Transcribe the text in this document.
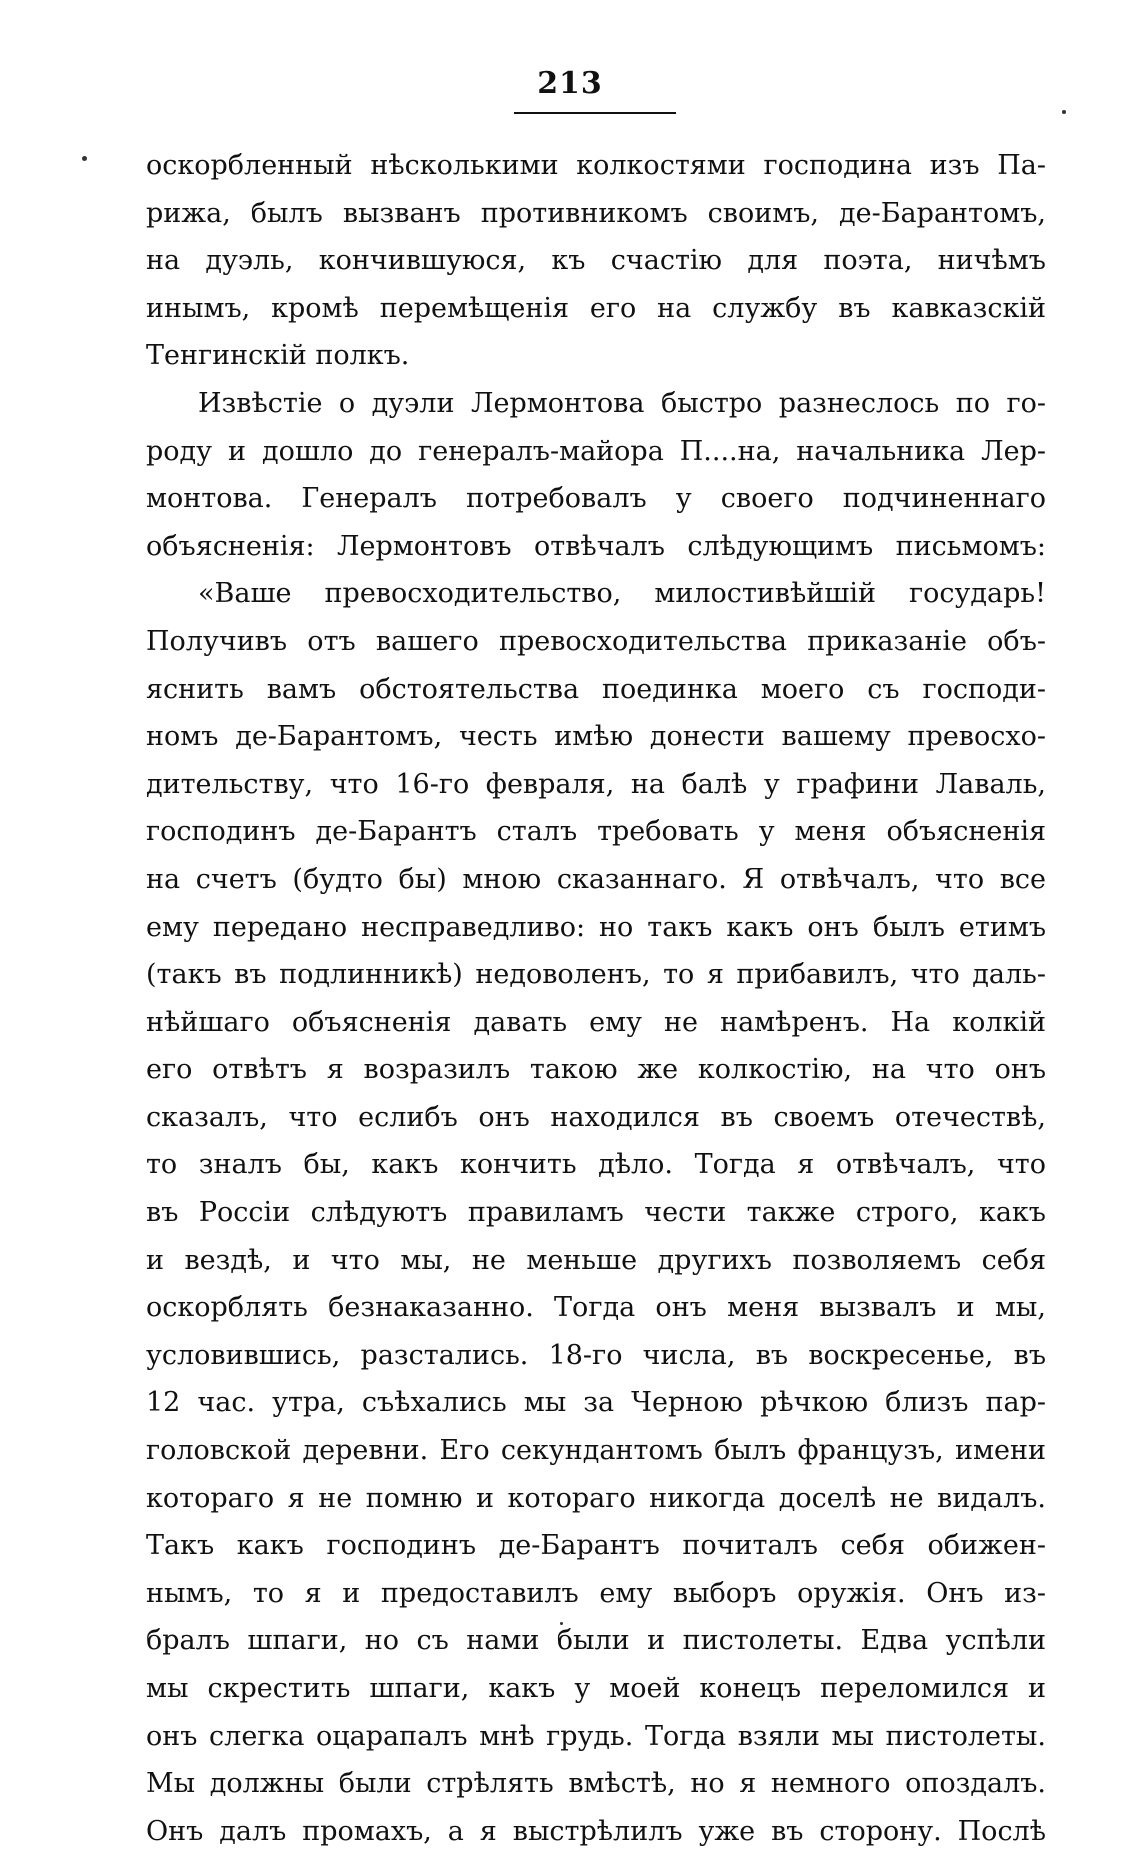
213
оскорбленный нѣсколькими колкостями господина изъ Па-
рижа, былъ вызванъ противникомъ своимъ, де-Барантомъ,
на дуэль, кончившуюся, къ счастію для поэта, ничѣмъ
инымъ, кромѣ перемѣщенія его на службу въ кавказскій
Тенгинскій полкъ.
Извѣстіе о дуэли Лермонтова быстро разнеслось по го-
роду и дошло до генералъ-майора П....на, начальника Лер-
монтова. Генералъ потребовалъ у своего подчиненнаго
объясненія: Лермонтовъ отвѣчалъ слѣдующимъ письмомъ:
«Ваше превосходительство, милостивѣйшій государь!
Получивъ отъ вашего превосходительства приказаніе объ-
яснить вамъ обстоятельства поединка моего съ господи-
номъ де-Барантомъ, честь имѣю донести вашему превосхо-
дительству, что 16-го февраля, на балѣ у графини Лаваль,
господинъ де-Барантъ сталъ требовать у меня объясненія
на счетъ (будто бы) мною сказаннаго. Я отвѣчалъ, что все
ему передано несправедливо: но такъ какъ онъ былъ етимъ
(такъ въ подлинникѣ) недоволенъ, то я прибавилъ, что даль-
нѣйшаго объясненія давать ему не намѣренъ. На колкій
его отвѣтъ я возразилъ такою же колкостію, на что онъ
сказалъ, что еслибъ онъ находился въ своемъ отечествѣ,
то зналъ бы, какъ кончить дѣло. Тогда я отвѣчалъ, что
въ Россіи слѣдуютъ правиламъ чести также строго, какъ
и вездѣ, и что мы, не меньше другихъ позволяемъ себя
оскорблять безнаказанно. Тогда онъ меня вызвалъ и мы,
условившись, разстались. 18-го числа, въ воскресенье, въ
12 час. утра, съѣхались мы за Черною рѣчкою близъ пар-
головской деревни. Его секундантомъ былъ французъ, имени
котораго я не помню и котораго никогда доселѣ не видалъ.
Такъ какъ господинъ де-Барантъ почиталъ себя обижен-
нымъ, то я и предоставилъ ему выборъ оружія. Онъ из-
бралъ шпаги, но съ нами были и пистолеты. Едва успѣли
мы скрестить шпаги, какъ у моей конецъ переломился и
онъ слегка оцарапалъ мнѣ грудь. Тогда взяли мы пистолеты.
Мы должны были стрѣлять вмѣстѣ, но я немного опоздалъ.
Онъ далъ промахъ, а я выстрѣлилъ уже въ сторону. Послѣ
